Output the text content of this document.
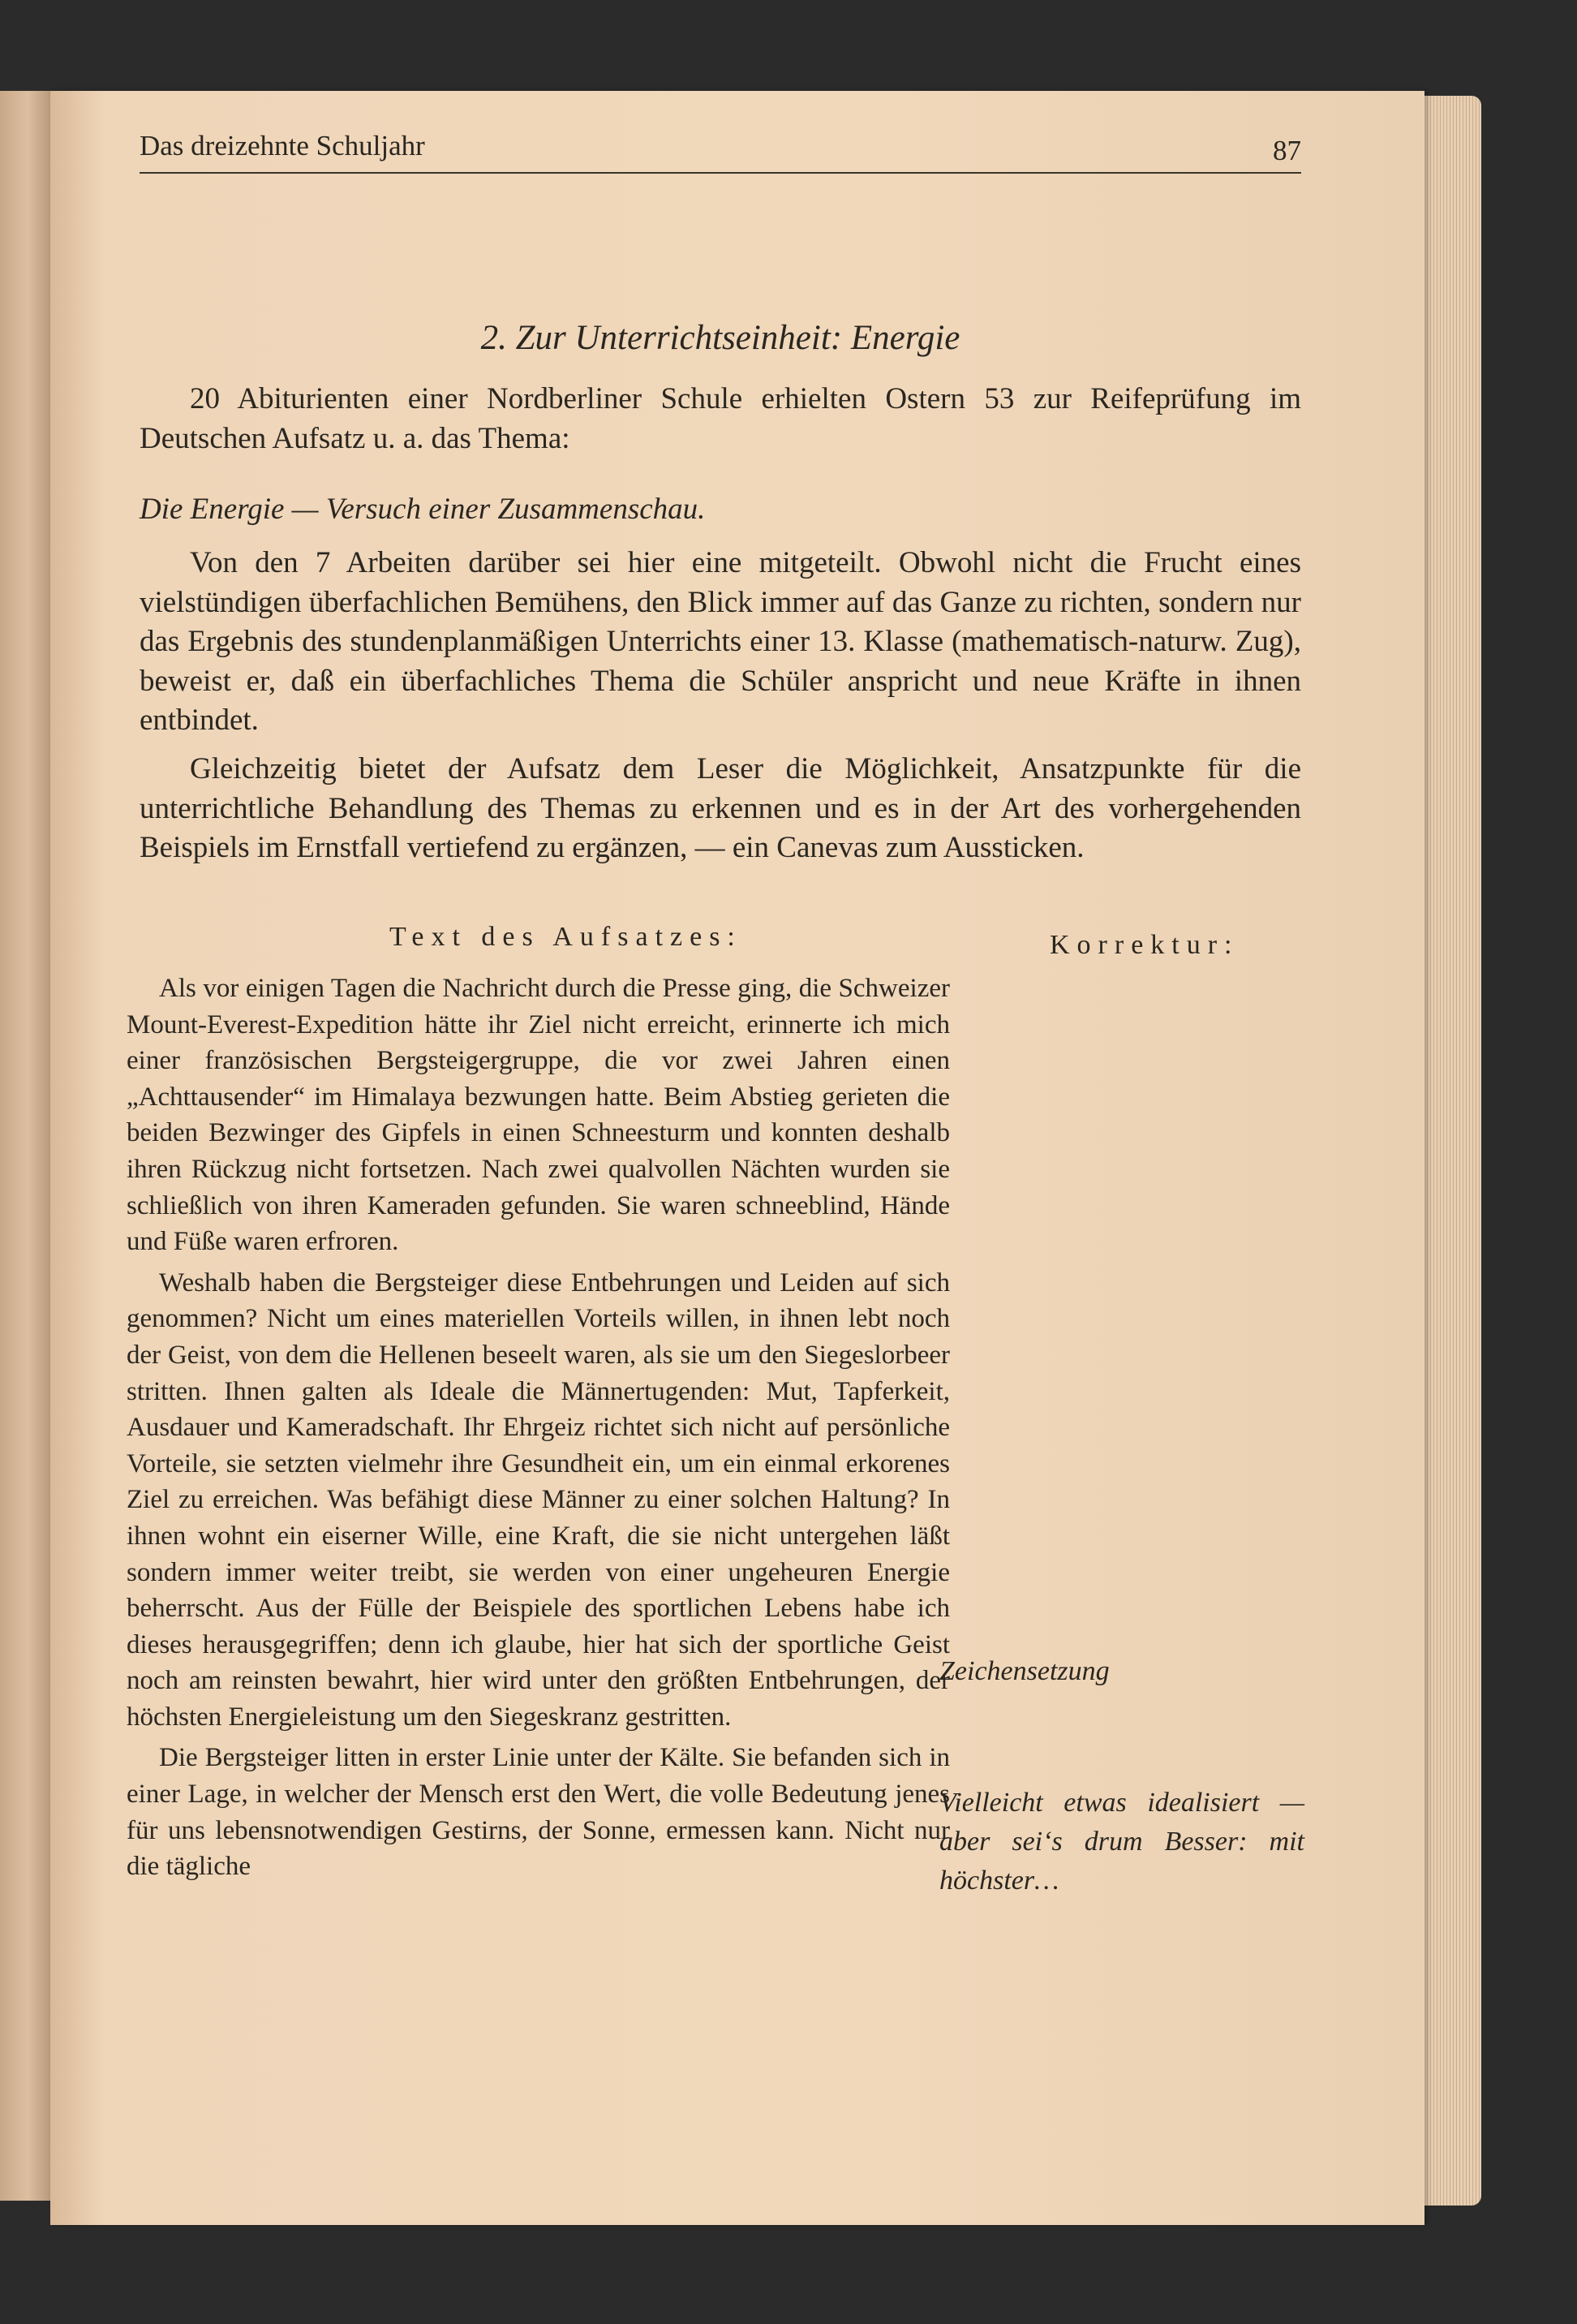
Das dreizehnte Schuljahr	87
2. Zur Unterrichtseinheit: Energie

20 Abiturienten einer Nordberliner Schule erhielten Ostern 53 zur Reifeprüfung im Deutschen Aufsatz u. a. das Thema:

Die Energie — Versuch einer Zusammenschau.

Von den 7 Arbeiten darüber sei hier eine mitgeteilt. Obwohl nicht die Frucht eines vielstündigen überfachlichen Bemühens, den Blick immer auf das Ganze zu richten, sondern nur das Ergebnis des stundenplanmäßigen Unterrichts einer 13. Klasse (mathematisch-naturw. Zug), beweist er, daß ein überfachliches Thema die Schüler anspricht und neue Kräfte in ihnen entbindet.

Gleichzeitig bietet der Aufsatz dem Leser die Möglichkeit, Ansatzpunkte für die unterrichtliche Behandlung des Themas zu erkennen und es in der Art des vorhergehenden Beispiels im Ernstfall vertiefend zu ergänzen, — ein Canevas zum Aussticken.

Text des Aufsatzes:	Korrektur:

Als vor einigen Tagen die Nachricht durch die Presse ging, die Schweizer Mount-Everest-Expedition hätte ihr Ziel nicht erreicht, erinnerte ich mich einer französischen Bergsteigergruppe, die vor zwei Jahren einen „Achttausender“ im Himalaya bezwungen hatte. Beim Abstieg gerieten die beiden Bezwinger des Gipfels in einen Schneesturm und konnten deshalb ihren Rückzug nicht fortsetzen. Nach zwei qualvollen Nächten wurden sie schließlich von ihren Kameraden gefunden. Sie waren schneeblind, Hände und Füße waren erfroren.

Weshalb haben die Bergsteiger diese Entbehrungen und Leiden auf sich genommen? Nicht um eines materiellen Vorteils willen, in ihnen lebt noch der Geist, von dem die Hellenen beseelt waren, als sie um den Siegeslorbeer stritten. Ihnen galten als Ideale die Männertugenden: Mut, Tapferkeit, Ausdauer und Kameradschaft. Ihr Ehrgeiz richtet sich nicht auf persönliche Vorteile, sie setzten vielmehr ihre Gesundheit ein, um ein einmal erkorenes Ziel zu erreichen. Was befähigt diese Männer zu einer solchen Haltung? In ihnen wohnt ein eiserner Wille, eine Kraft, die sie nicht untergehen läßt sondern immer weiter treibt, sie werden von einer ungeheuren Energie beherrscht. Aus der Fülle der Beispiele des sportlichen Lebens habe ich dieses herausgegriffen; denn ich glaube, hier hat sich der sportliche Geist noch am reinsten bewahrt, hier wird unter den größten Entbehrungen, der höchsten Energieleistung um den Siegeskranz gestritten.

Die Bergsteiger litten in erster Linie unter der Kälte. Sie befanden sich in einer Lage, in welcher der Mensch erst den Wert, die volle Bedeutung jenes für uns lebensnotwendigen Gestirns, der Sonne, ermessen kann. Nicht nur die tägliche

Zeichensetzung

Vielleicht etwas idealisiert — aber sei‘s drum Besser: mit höchster…
